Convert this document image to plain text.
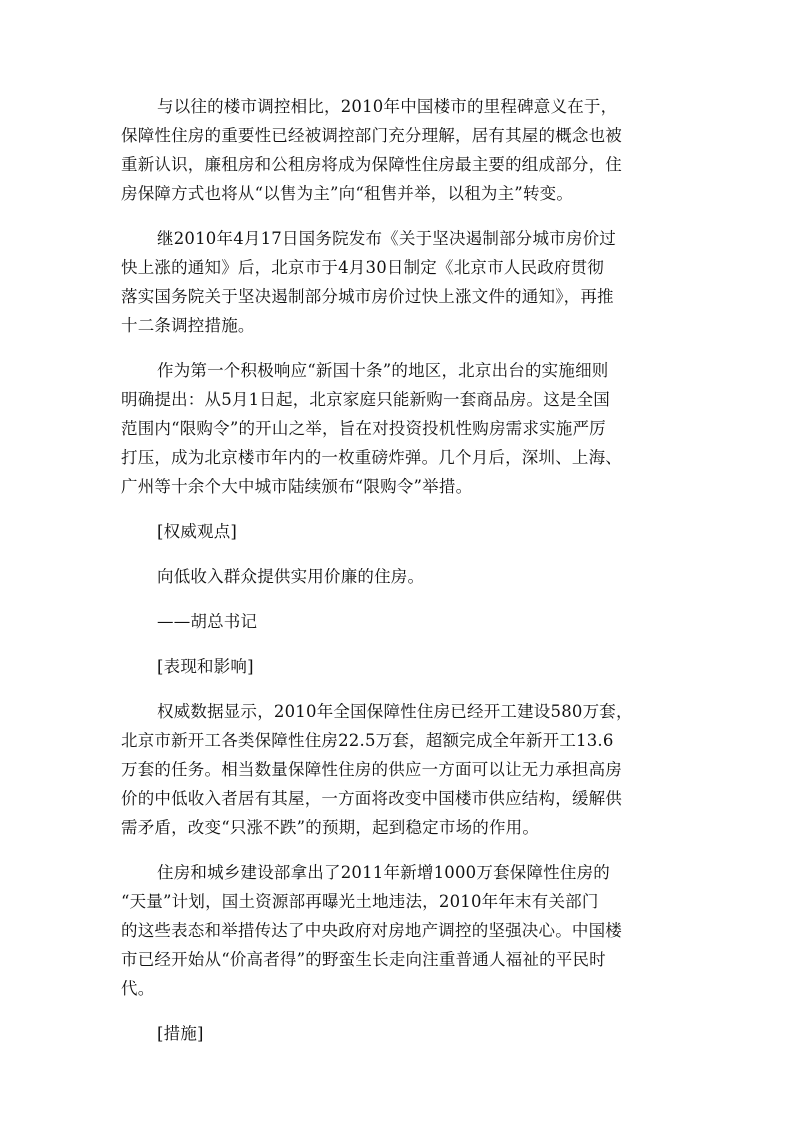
与以往的楼市调控相比，2010年中国楼市的里程碑意义在于，
保障性住房的重要性已经被调控部门充分理解，居有其屋的概念也被
重新认识，廉租房和公租房将成为保障性住房最主要的组成部分，住
房保障方式也将从“以售为主”向“租售并举，以租为主”转变。

继2010年4月17日国务院发布《关于坚决遏制部分城市房价过
快上涨的通知》后，北京市于4月30日制定《北京市人民政府贯彻
落实国务院关于坚决遏制部分城市房价过快上涨文件的通知》，再推
十二条调控措施。

作为第一个积极响应“新国十条”的地区，北京出台的实施细则
明确提出：从5月1日起，北京家庭只能新购一套商品房。这是全国
范围内“限购令”的开山之举，旨在对投资投机性购房需求实施严厉
打压，成为北京楼市年内的一枚重磅炸弹。几个月后，深圳、上海、
广州等十余个大中城市陆续颁布“限购令”举措。

[权威观点]

向低收入群众提供实用价廉的住房。

——胡总书记

[表现和影响]

权威数据显示，2010年全国保障性住房已经开工建设580万套，
北京市新开工各类保障性住房22.5万套，超额完成全年新开工13.6
万套的任务。相当数量保障性住房的供应一方面可以让无力承担高房
价的中低收入者居有其屋，一方面将改变中国楼市供应结构，缓解供
需矛盾，改变“只涨不跌”的预期，起到稳定市场的作用。

住房和城乡建设部拿出了2011年新增1000万套保障性住房的
“天量”计划，国土资源部再曝光土地违法，2010年年末有关部门
的这些表态和举措传达了中央政府对房地产调控的坚强决心。中国楼
市已经开始从“价高者得”的野蛮生长走向注重普通人福祉的平民时
代。

[措施]
